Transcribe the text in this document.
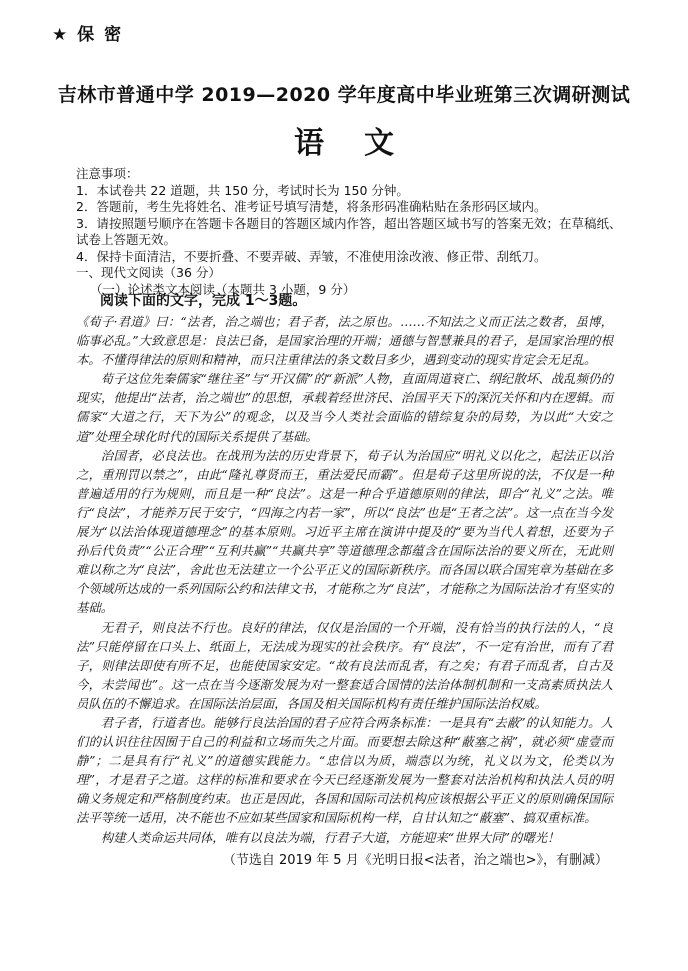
★ 保 密
吉林市普通中学 2019—2020 学年度高中毕业班第三次调研测试
语文
注意事项：
1．本试卷共 22 道题，共 150 分，考试时长为 150 分钟。
2．答题前，考生先将姓名、准考证号填写清楚，将条形码准确粘贴在条形码区域内。
3．请按照题号顺序在答题卡各题目的答题区域内作答，超出答题区域书写的答案无效；在草稿纸、试卷上答题无效。
4．保持卡面清洁，不要折叠、不要弄破、弄皱，不准使用涂改液、修正带、刮纸刀。
一、现代文阅读（36 分）
（一）论述类文本阅读（本题共 3 小题，9 分）
阅读下面的文字，完成 1～3题。

《荀子·君道》曰：“法者，治之端也；君子者，法之原也。……不知法之义而正法之数者，虽博，临事必乱。”大致意思是：良法已备，是国家治理的开端；通德与智慧兼具的君子，是国家治理的根本。不懂得律法的原则和精神，而只注重律法的条文数目多少，遇到变动的现实肯定会无足乱。

荀子这位先秦儒家“继往圣”与“开汉儒”的“新派”人物，直面周道衰亡、纲纪散坏、战乱频仍的现实，他提出“法者，治之端也”的思想，承载着经世济民、治国平天下的深沉关怀和内在逻辑。而儒家“大道之行，天下为公”的观念，以及当今人类社会面临的错综复杂的局势，为以此“大安之道”处理全球化时代的国际关系提供了基础。

治国者，必良法也。在战刑为法的历史背景下，荀子认为治国应“明礼义以化之，起法正以治之，重刑罚以禁之”，由此“隆礼尊贤而王，重法爱民而霸”。但是荀子这里所说的法，不仅是一种普遍适用的行为规则，而且是一种“良法”。这是一种合乎道德原则的律法，即合“礼义”之法。唯行“良法”，才能养万民于安宁，“四海之内若一家”，所以“良法”也是“王者之法”。这一点在当今发展为“以法治体现道德理念”的基本原则。习近平主席在演讲中提及的“要为当代人着想，还要为子孙后代负责”“公正合理”“互利共赢”“共赢共享”等道德理念都蕴含在国际法治的要义所在，无此则难以称之为“良法”，舍此也无法建立一个公平正义的国际新秩序。而各国以联合国宪章为基础在多个领域所达成的一系列国际公约和法律文书，才能称之为“良法”，才能称之为国际法治才有坚实的基础。

无君子，则良法不行也。良好的律法，仅仅是治国的一个开端，没有恰当的执行法的人，“良法”只能停留在口头上、纸面上，无法成为现实的社会秩序。有“良法”，不一定有治世，而有了君子，则律法即使有所不足，也能使国家安定。“故有良法而乱者，有之矣；有君子而乱者，自古及今，未尝闻也”。这一点在当今逐渐发展为对一整套适合国情的法治体制机制和一支高素质执法人员队伍的不懈追求。在国际法治层面，各国及相关国际机构有责任维护国际法治权威。

君子者，行道者也。能够行良法治国的君子应符合两条标准：一是具有“去蔽”的认知能力。人们的认识往往因囿于自己的利益和立场而失之片面。而要想去除这种“蔽塞之祸”，就必须“虚壹而静”；二是具有行“礼义”的道德实践能力。“忠信以为质，端悫以为统，礼义以为文，伦类以为理”，才是君子之道。这样的标准和要求在今天已经逐渐发展为一整套对法治机构和执法人员的明确义务规定和严格制度约束。也正是因此，各国和国际司法机构应该根据公平正义的原则确保国际法平等统一适用，决不能也不应如某些国家和国际机构一样，自甘认知之“蔽塞”、搞双重标准。

构建人类命运共同体，唯有以良法为端，行君子大道，方能迎来“世界大同”的曙光！

（节选自 2019 年 5 月《光明日报<法者，治之端也>》，有删减）
